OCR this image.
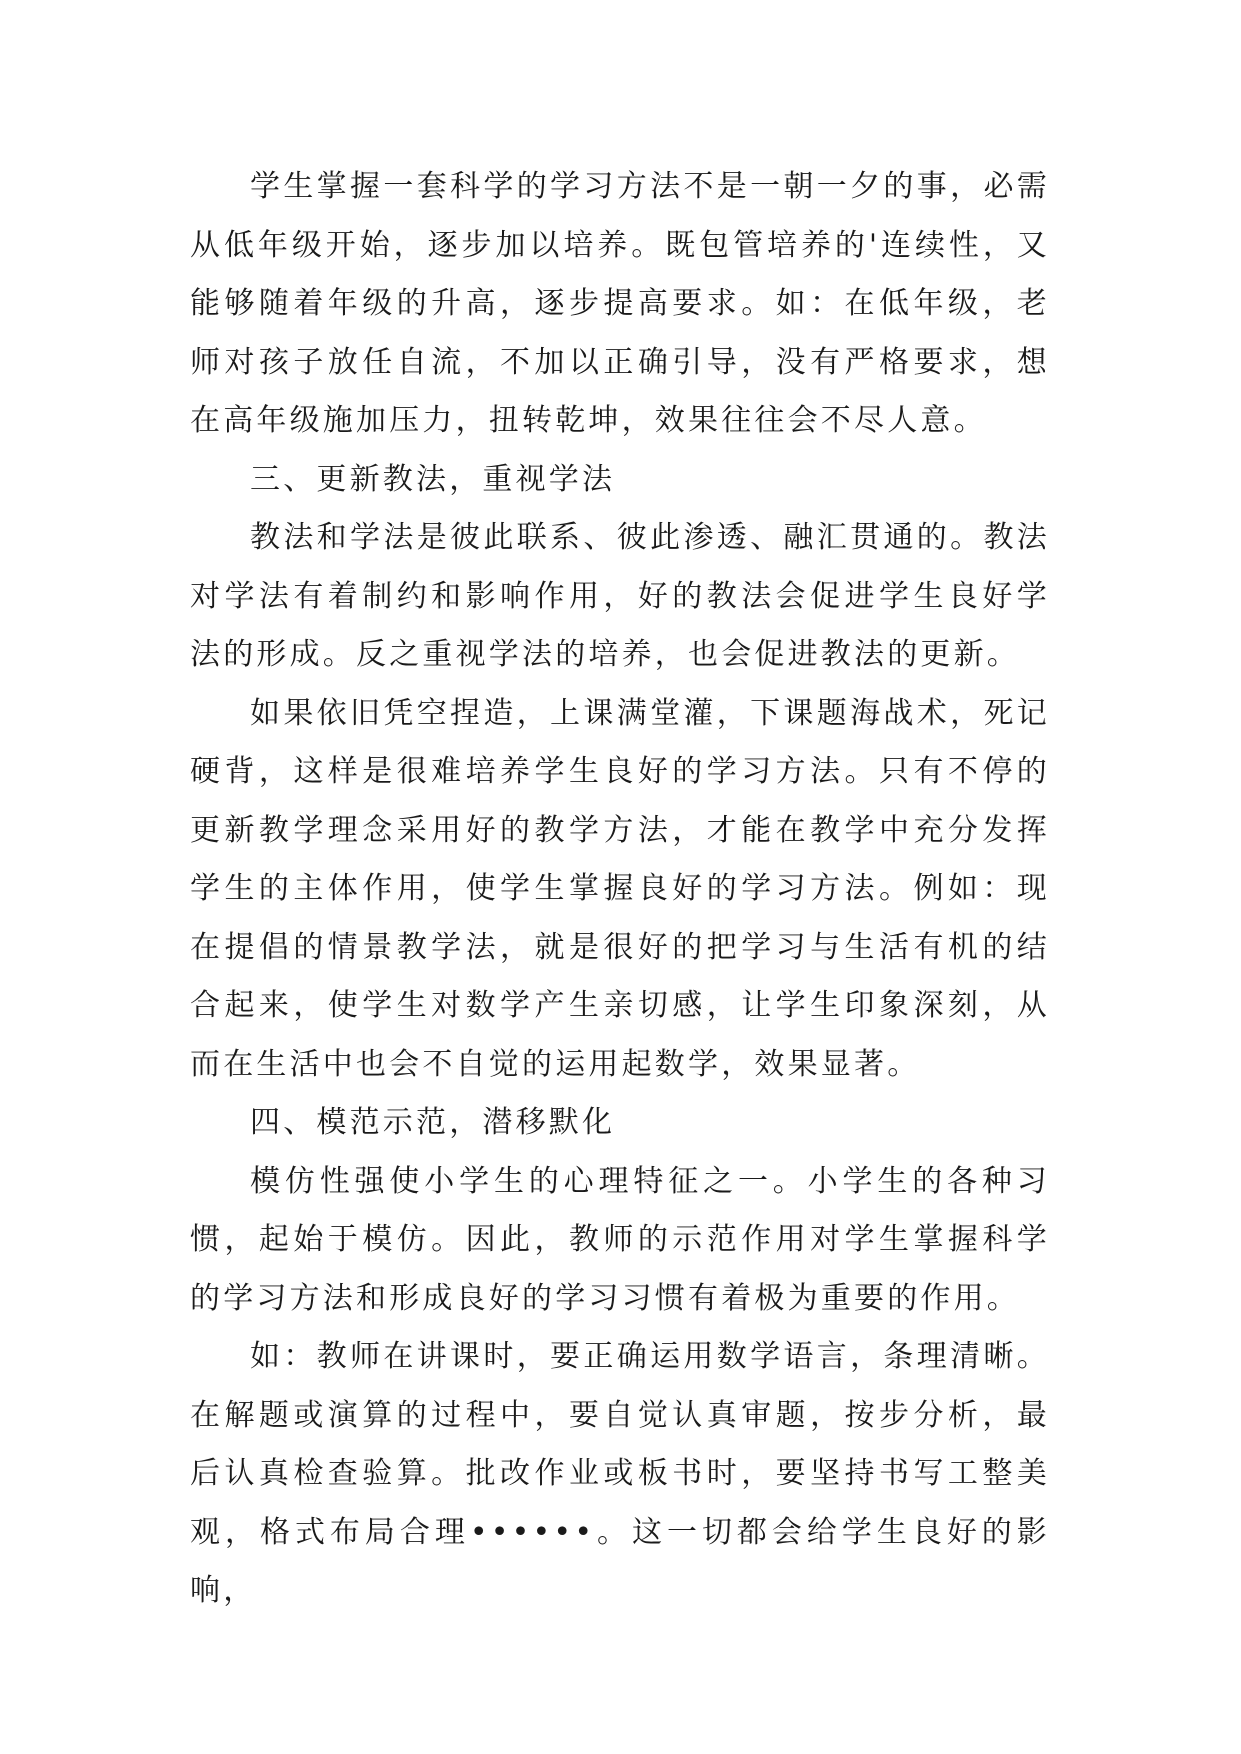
学生掌握一套科学的学习方法不是一朝一夕的事，必需从低年级开始，逐步加以培养。既包管培养的'连续性，又能够随着年级的升高，逐步提高要求。如：在低年级，老师对孩子放任自流，不加以正确引导，没有严格要求，想在高年级施加压力，扭转乾坤，效果往往会不尽人意。

三、更新教法，重视学法

教法和学法是彼此联系、彼此渗透、融汇贯通的。教法对学法有着制约和影响作用，好的教法会促进学生良好学法的形成。反之重视学法的培养，也会促进教法的更新。

如果依旧凭空捏造，上课满堂灌，下课题海战术，死记硬背，这样是很难培养学生良好的学习方法。只有不停的更新教学理念采用好的教学方法，才能在教学中充分发挥学生的主体作用，使学生掌握良好的学习方法。例如：现在提倡的情景教学法，就是很好的把学习与生活有机的结合起来，使学生对数学产生亲切感，让学生印象深刻，从而在生活中也会不自觉的运用起数学，效果显著。

四、模范示范，潜移默化

模仿性强使小学生的心理特征之一。小学生的各种习惯，起始于模仿。因此，教师的示范作用对学生掌握科学的学习方法和形成良好的学习习惯有着极为重要的作用。

如：教师在讲课时，要正确运用数学语言，条理清晰。在解题或演算的过程中，要自觉认真审题，按步分析，最后认真检查验算。批改作业或板书时，要坚持书写工整美观，格式布局合理••••••。这一切都会给学生良好的影响，
